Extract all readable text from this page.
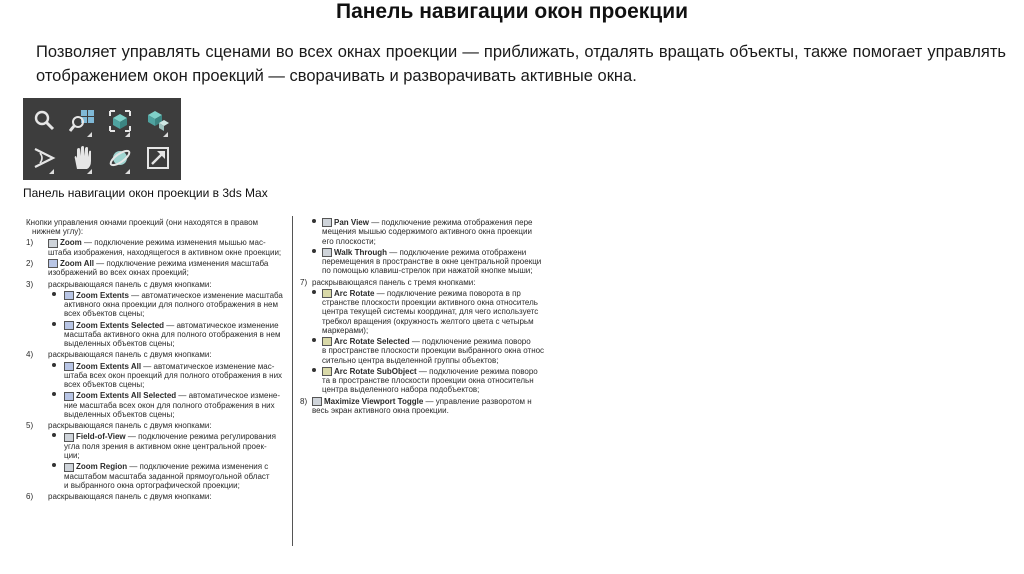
Панель навигации окон проекции
Позволяет управлять сценами во всех окнах проекции — приближать, отдалять вращать объекты, также помогает управлять отображением окон проекций — сворачивать и разворачивать активные окна.
Панель навигации окон проекции в 3ds Max
Кнопки управления окнами проекций (они находятся в правом
нижнем углу):
1)	Zoom — подключение режима изменения мышью мас-
штаба изображения, находящегося в активном окне проекции;
2)	Zoom All — подключение режима изменения масштаба
изображений во всех окнах проекций;
3) раскрывающаяся панель с двумя кнопками:
Zoom Extents — автоматическое изменение масштаба
активного окна проекции для полного отображения в нем
всех объектов сцены;
Zoom Extents Selected — автоматическое изменение
масштаба активного окна для полного отображения в нем
выделенных объектов сцены;
4) раскрывающаяся панель с двумя кнопками:
Zoom Extents All — автоматическое изменение мас-
штаба всех окон проекций для полного отображения в них
всех объектов сцены;
Zoom Extents All Selected — автоматическое измене-
ние масштаба всех окон для полного отображения в них
выделенных объектов сцены;
5) раскрывающаяся панель с двумя кнопками:
Field-of-View — подключение режима регулирования
угла поля зрения в активном окне центральной проек-
ции;
Zoom Region — подключение режима изменения с
масштабом масштаба заданной прямоугольной област
и выбранного окна ортографической проекции;
6) раскрывающаяся панель с двумя кнопками:
Pan View — подключение режима отображения пере
мещения мышью содержимого активного окна проекции
его плоскости;
Walk Through — подключение режима отображени
перемещения в пространстве в окне центральной проекци
по помощью клавиш-стрелок при нажатой кнопке мыши;
7) раскрывающаяся панель с тремя кнопками:
Arc Rotate — подключение режима поворота в пр
странстве плоскости проекции активного окна относитель
центра текущей системы координат, для чего используетс
требкол вращения (окружность желтого цвета с четырьм
маркерами);
Arc Rotate Selected — подключение режима поворо
в пространстве плоскости проекции выбранного окна относ
сительно центра выделенной группы объектов;
Arc Rotate SubObject — подключение режима поворо
та в пространстве плоскости проекции окна относительн
центра выделенного набора подобъектов;
8)	Maximize Viewport Toggle — управление разворотом н
весь экран активного окна проекции.
